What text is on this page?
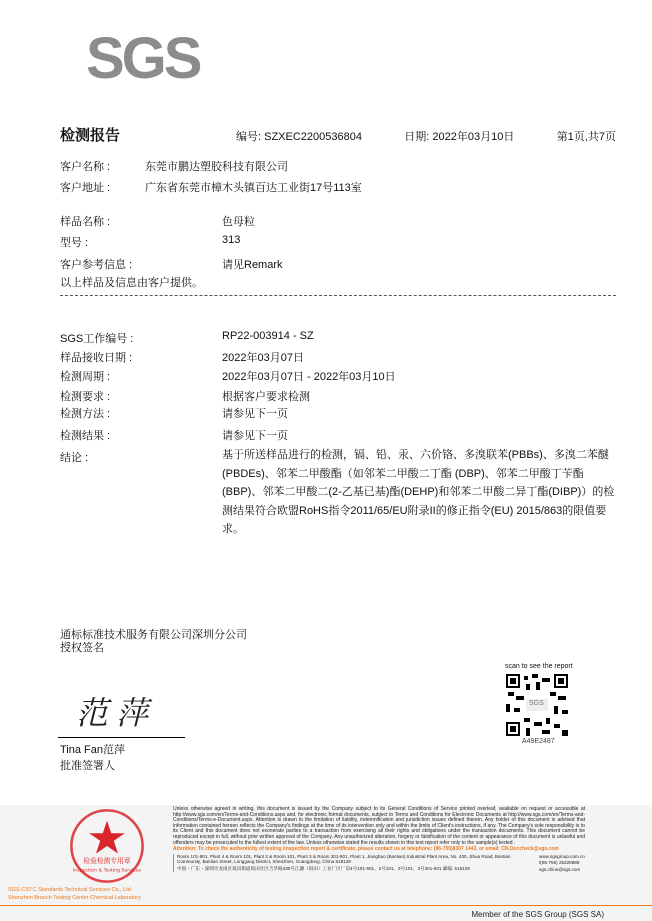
SGS
检测报告	编号: SZXEC2200536804	日期: 2022年03月10日	第1页,共7页
客户名称 :	东莞市鹏达塑胶科技有限公司
客户地址 :	广东省东莞市樟木头镇百达工业街17号113室
样品名称 :	色母粒
型号 :	313
客户参考信息 :	请见Remark
以上样品及信息由客户提供。
SGS工作编号 :	RP22-003914 - SZ
样品接收日期 :	2022年03月07日
检测周期 :	2022年03月07日 - 2022年03月10日
检测要求 :	根据客户要求检测
检测方法 :	请参见下一页
检测结果 :	请参见下一页
结论 :	基于所送样品进行的检测，镉、铅、汞、六价铬、多溴联苯(PBBs)、多溴二苯醚(PBDEs)、邻苯二甲酸酯（如邻苯二甲酸二丁酯 (DBP)、邻苯二甲酸丁苄酯(BBP)、邻苯二甲酸二(2-乙基已基)酯(DEHP)和邻苯二甲酸二异丁酯(DIBP)）的检测结果符合欧盟RoHS指令2011/65/EU附录II的修正指令(EU) 2015/863的限值要求。
通标标准技术服务有限公司深圳分公司
授权签名
范萍
Tina Fan范萍
批准签署人
scan to see the report
SGS
A49E2487
检验检测专用章
Inspection & Testing Services
SGS-CSTC Standards Technical Services Co., Ltd.
Shenzhen Branch Testing Center Chemical Laboratory
Unless otherwise agreed in writing, this document is issued by the Company subject to its General Conditions of Service printed overleaf, available on request or accessible at http://www.sgs.com/en/Terms-and-Conditions.aspx and, for electronic format documents, subject to Terms and Conditions for Electronic Documents at http://www.sgs.com/en/Terms-and-Conditions/Terms-e-Document.aspx. Attention is drawn to the limitation of liability, indemnification and jurisdiction issues defined therein. Any holder of this document is advised that information contained hereon reflects the Company's findings at the time of its intervention only and within the limits of Client's instructions, if any. The Company's sole responsibility is to its Client and this document does not exonerate parties to a transaction from exercising all their rights and obligations under the transaction documents. This document cannot be reproduced except in full, without prior written approval of the Company. Any unauthorized alteration, forgery or falsification of the content or appearance of this document is unlawful and offenders may be prosecuted to the fullest extent of the law. Unless otherwise stated the results shown in this test report refer only to the sample(s) tested .
Attention: To check the authenticity of testing /inspection report & certificate, please contact us at telephone: (86-755)8307 1443, or email: CN.Doccheck@sgs.com
Room 101-901, Plant 4 & Room 101, Plant 2 & Room 101, Plant 3 & Room 301-901, Plant 1, Jiangbao (Bantian) Industrial Plant Area, No. 430, Jihua Road, Bantian Community, Bantian Street, Longgang District, Shenzhen, Guangdong, China 518129
中国・广东・深圳市龙岗区坂田街道坂田社区吉华路430号江灏（坂田）工业厂区厂房4号101-901、2号101、3号101、3号301-501 邮编: 518129
www.sgsgroup.com.cn
t(86-755) 25328888
sgs.china@sgs.com
Member of the SGS Group (SGS SA)
